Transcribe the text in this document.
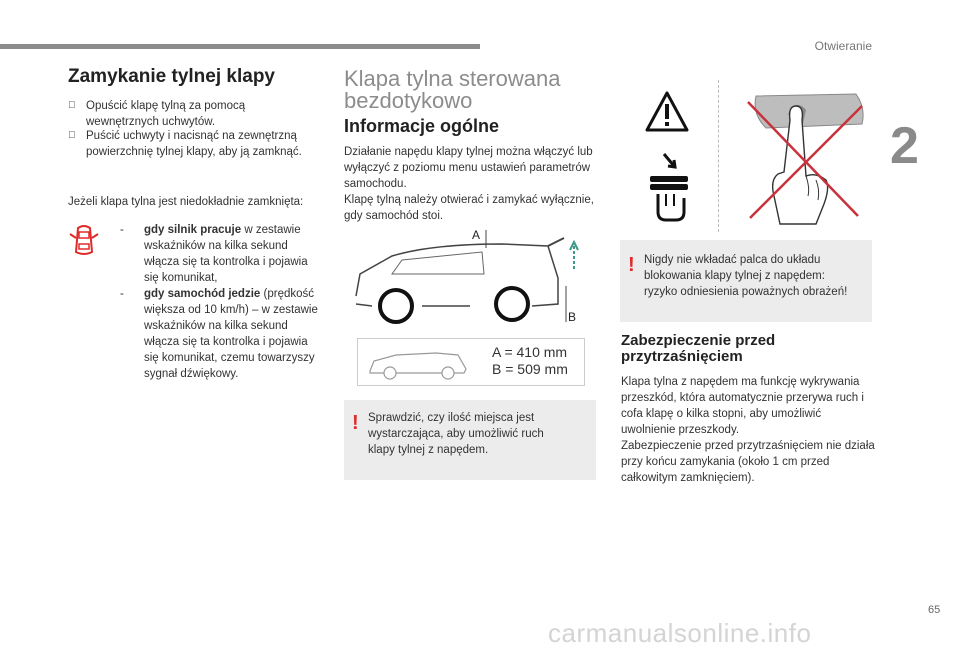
Otwieranie
2
65
carmanualsonline.info
Zamykanie tylnej klapy
Opuścić klapę tylną za pomocą wewnętrznych uchwytów.
Puścić uchwyty i nacisnąć na zewnętrzną powierzchnię tylnej klapy, aby ją zamknąć.
Jeżeli klapa tylna jest niedokładnie zamknięta:
- gdy silnik pracuje w zestawie wskaźników na kilka sekund włącza się ta kontrolka i pojawia się komunikat,
- gdy samochód jedzie (prędkość większa od 10 km/h) – w zestawie wskaźników na kilka sekund włącza się ta kontrolka i pojawia się komunikat, czemu towarzyszy sygnał dźwiękowy.
Klapa tylna sterowana bezdotykowo
Informacje ogólne
Działanie napędu klapy tylnej można włączyć lub wyłączyć z poziomu menu ustawień parametrów samochodu.
Klapę tylną należy otwierać i zamykać wyłącznie, gdy samochód stoi.
A
B
A = 410 mm
B = 509 mm
! Sprawdzić, czy ilość miejsca jest wystarczająca, aby umożliwić ruch klapy tylnej z napędem.
! Nigdy nie wkładać palca do układu blokowania klapy tylnej z napędem: ryzyko odniesienia poważnych obrażeń!
Zabezpieczenie przed przytrzaśnięciem
Klapa tylna z napędem ma funkcję wykrywania przeszkód, która automatycznie przerywa ruch i cofa klapę o kilka stopni, aby umożliwić uwolnienie przeszkody.
Zabezpieczenie przed przytrzaśnięciem nie działa przy końcu zamykania (około 1 cm przed całkowitym zamknięciem).
